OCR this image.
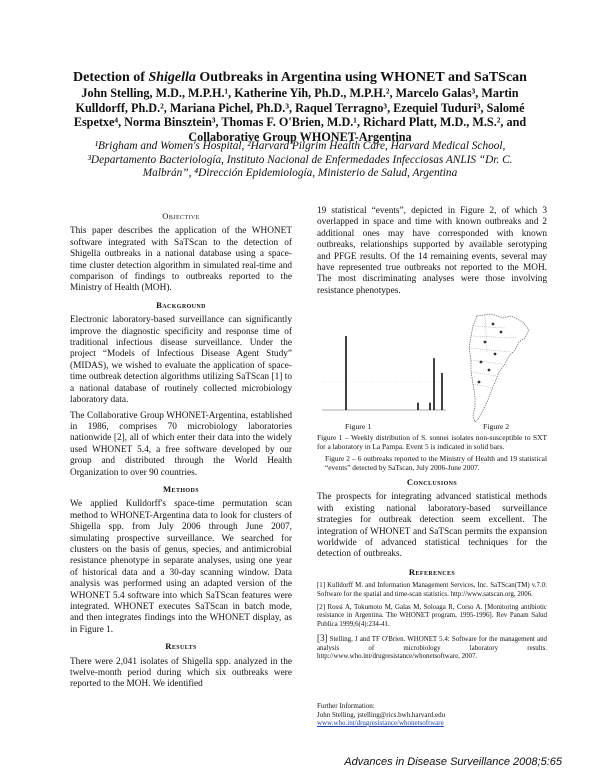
Detection of Shigella Outbreaks in Argentina using WHONET and SaTScan
John Stelling, M.D., M.P.H.¹, Katherine Yih, Ph.D., M.P.H.², Marcelo Galas³, Martin
Kulldorff, Ph.D.², Mariana Pichel, Ph.D.³, Raquel Terragno³, Ezequiel Tuduri³, Salomé
Espetxe⁴, Norma Binsztein³, Thomas F. O'Brien, M.D.¹, Richard Platt, M.D., M.S.², and
Collaborative Group WHONET-Argentina
¹Brigham and Women's Hospital, ²Harvard Pilgrim Health Care, Harvard Medical School,
³Departamento Bacteriología, Instituto Nacional de Enfermedades Infecciosas ANLIS “Dr. C.
Malbrán”, ⁴Dirección Epidemiología, Ministerio de Salud, Argentina
Objective

This paper describes the application of the WHONET software integrated with SaTScan to the detection of Shigella outbreaks in a national database using a space-time cluster detection algorithm in simulated real-time and comparison of findings to outbreaks reported to the Ministry of Health (MOH).

Background

Electronic laboratory-based surveillance can significantly improve the diagnostic specificity and response time of traditional infectious disease surveillance. Under the project “Models of Infectious Disease Agent Study” (MIDAS), we wished to evaluate the application of space-time outbreak detection algorithms utilizing SaTScan [1] to a national database of routinely collected microbiology laboratory data.

The Collaborative Group WHONET-Argentina, established in 1986, comprises 70 microbiology laboratories nationwide [2], all of which enter their data into the widely used WHONET 5.4, a free software developed by our group and distributed through the World Health Organization to over 90 countries.

Methods

We applied Kulldorff's space-time permutation scan method to WHONET-Argentina data to look for clusters of Shigella spp. from July 2006 through June 2007, simulating prospective surveillance. We searched for clusters on the basis of genus, species, and antimicrobial resistance phenotype in separate analyses, using one year of historical data and a 30-day scanning window. Data analysis was performed using an adapted version of the WHONET 5.4 software into which SaTScan features were integrated. WHONET executes SaTScan in batch mode, and then integrates findings into the WHONET display, as in Figure 1.

Results

There were 2,041 isolates of Shigella spp. analyzed in the twelve-month period during which six outbreaks were reported to the MOH. We identified

19 statistical “events”, depicted in Figure 2, of which 3 overlapped in space and time with known outbreaks and 2 additional ones may have corresponded with known outbreaks, relationships supported by available serotyping and PFGE results. Of the 14 remaining events, several may have represented true outbreaks not reported to the MOH. The most discriminating analyses were those involving resistance phenotypes.

Figure 1	Figure 2
Figure 1 – Weekly distribution of S. sonnei isolates non-susceptible to SXT for a laboratory in La Pampa. Event 5 is indicated in solid bars.
Figure 2 – 6 outbreaks reported to the Ministry of Health and 19 statistical “events” detected by SaTscan, July 2006-June 2007.
Conclusions

The prospects for integrating advanced statistical methods with existing national laboratory-based surveillance strategies for outbreak detection seem excellent. The integration of WHONET and SaTScan permits the expansion worldwide of advanced statistical techniques for the detection of outbreaks.

References

[1] Kulldorff M. and Information Management Services, Inc. SaTScan(TM) v.7.0: Software for the spatial and time-scan statistics. http://www.satscan.org, 2006.

[2] Rossi A, Tokumoto M, Galas M, Soloaga R, Corso A. [Monitoring antibiotic resistance in Argentina. The WHONET program, 1995-1996]. Rev Panam Salud Publica 1999;6(4):234-41.

[3] Stelling, J and TF O'Brien. WHONET 5.4: Software for the management and analysis of microbiology laboratory results. http://www.who.int/drugresistance/whonetsoftware, 2007.

Further Information:
John Stelling, jstelling@rics.bwh.harvard.edu
www.who.int/drugresistance/whonetsoftware
Advances in Disease Surveillance 2008;5:65
